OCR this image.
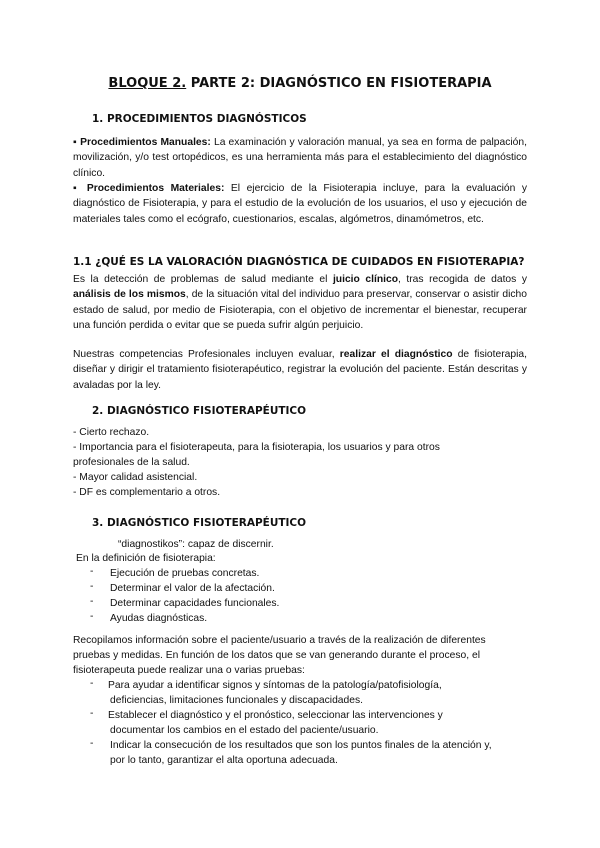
BLOQUE 2. PARTE 2: DIAGNÓSTICO EN FISIOTERAPIA
1. PROCEDIMIENTOS DIAGNÓSTICOS
▪ Procedimientos Manuales: La examinación y valoración manual, ya sea en forma de palpación, movilización, y/o test ortopédicos, es una herramienta más para el establecimiento del diagnóstico clínico.
▪ Procedimientos Materiales: El ejercicio de la Fisioterapia incluye, para la evaluación y diagnóstico de Fisioterapia, y para el estudio de la evolución de los usuarios, el uso y ejecución de materiales tales como el ecógrafo, cuestionarios, escalas, algómetros, dinamómetros, etc.
1.1 ¿QUÉ ES LA VALORACIÓN DIAGNÓSTICA DE CUIDADOS EN FISIOTERAPIA?
Es la detección de problemas de salud mediante el juicio clínico, tras recogida de datos y análisis de los mismos, de la situación vital del individuo para preservar, conservar o asistir dicho estado de salud, por medio de Fisioterapia, con el objetivo de incrementar el bienestar, recuperar una función perdida o evitar que se pueda sufrir algún perjuicio.
Nuestras competencias Profesionales incluyen evaluar, realizar el diagnóstico de fisioterapia, diseñar y dirigir el tratamiento fisioterapéutico, registrar la evolución del paciente. Están descritas y avaladas por la ley.
2. DIAGNÓSTICO FISIOTERAPÉUTICO
- Cierto rechazo.
- Importancia para el fisioterapeuta, para la fisioterapia, los usuarios y para otros
profesionales de la salud.
- Mayor calidad asistencial.
- DF es complementario a otros.
3. DIAGNÓSTICO FISIOTERAPÉUTICO
“diagnostikos”: capaz de discernir.
En la definición de fisioterapia:
- Ejecución de pruebas concretas.
- Determinar el valor de la afectación.
- Determinar capacidades funcionales.
- Ayudas diagnósticas.
Recopilamos información sobre el paciente/usuario a través de la realización de diferentes
pruebas y medidas. En función de los datos que se van generando durante el proceso, el
fisioterapeuta puede realizar una o varias pruebas:
- Para ayudar a identificar signos y síntomas de la patología/patofisiología,
deficiencias, limitaciones funcionales y discapacidades.
- Establecer el diagnóstico y el pronóstico, seleccionar las intervenciones y
documentar los cambios en el estado del paciente/usuario.
- Indicar la consecución de los resultados que son los puntos finales de la atención y,
por lo tanto, garantizar el alta oportuna adecuada.
